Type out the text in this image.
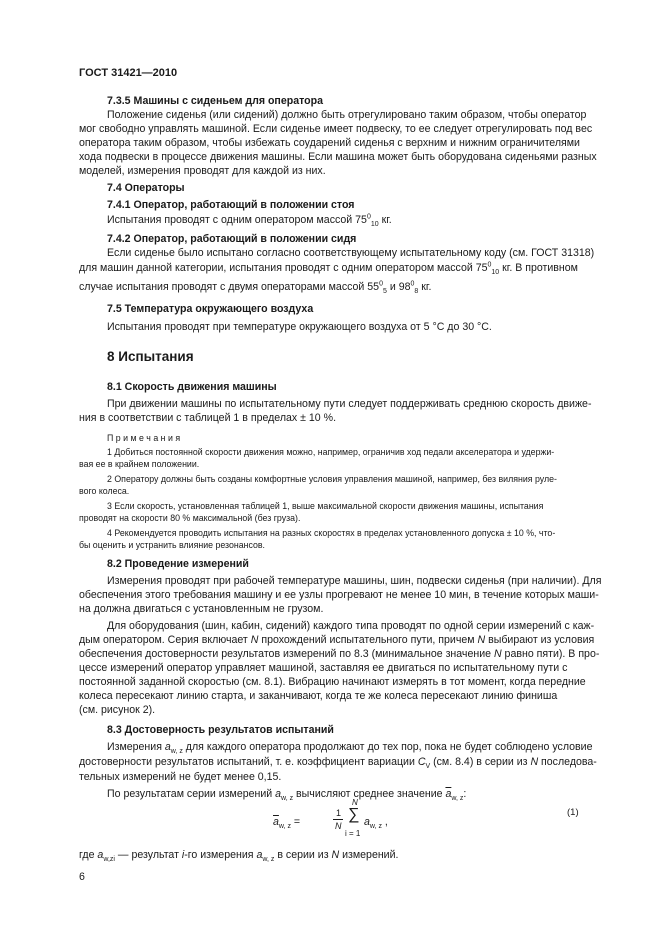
ГОСТ 31421—2010
7.3.5 Машины с сиденьем для оператора
Положение сиденья (или сидений) должно быть отрегулировано таким образом, чтобы оператор
мог свободно управлять машиной. Если сиденье имеет подвеску, то ее следует отрегулировать под вес
оператора таким образом, чтобы избежать соударений сиденья с верхним и нижним ограничителями
хода подвески в процессе движения машины. Если машина может быть оборудована сиденьями разных
моделей, измерения проводят для каждой из них.
7.4 Операторы
7.4.1 Оператор, работающий в положении стоя
Испытания проводят с одним оператором массой $75^0_{10}$ кг.
7.4.2 Оператор, работающий в положении сидя
Если сиденье было испытано согласно соответствующему испытательному коду (см. ГОСТ 31318)
для машин данной категории, испытания проводят с одним оператором массой $75^0_{10}$ кг. В противном
случае испытания проводят с двумя операторами массой $55^0_5$ и $98^0_8$ кг.
7.5 Температура окружающего воздуха
Испытания проводят при температуре окружающего воздуха от 5 °С до 30 °С.
8 Испытания
8.1 Скорость движения машины
При движении машины по испытательному пути следует поддерживать среднюю скорость движе-
ния в соответствии с таблицей 1 в пределах ± 10 %.
П р и м е ч а н и я
1 Добиться постоянной скорости движения можно, например, ограничив ход педали акселератора и удержи-
вая ее в крайнем положении.
2 Оператору должны быть созданы комфортные условия управления машиной, например, без виляния руле-
вого колеса.
3 Если скорость, установленная таблицей 1, выше максимальной скорости движения машины, испытания
проводят на скорости 80 % максимальной (без груза).
4 Рекомендуется проводить испытания на разных скоростях в пределах установленного допуска ± 10 %, что-
бы оценить и устранить влияние резонансов.
8.2 Проведение измерений
Измерения проводят при рабочей температуре машины, шин, подвески сиденья (при наличии). Для
обеспечения этого требования машину и ее узлы прогревают не менее 10 мин, в течение которых маши-
на должна двигаться с установленным не грузом.
Для оборудования (шин, кабин, сидений) каждого типа проводят по одной серии измерений с каж-
дым оператором. Серия включает N прохождений испытательного пути, причем N выбирают из условия
обеспечения достоверности результатов измерений по 8.3 (минимальное значение N равно пяти). В про-
цессе измерений оператор управляет машиной, заставляя ее двигаться по испытательному пути с
постоянной заданной скоростью (см. 8.1). Вибрацию начинают измерять в тот момент, когда передние
колеса пересекают линию старта, и заканчивают, когда те же колеса пересекают линию финиша
(см. рисунок 2).
8.3 Достоверность результатов испытаний
Измерения $a_{w, z}$ для каждого оператора продолжают до тех пор, пока не будет соблюдено условие
достоверности результатов испытаний, т. е. коэффициент вариации $C_V$ (см. 8.4) в серии из N последова-
тельных измерений не будет менее 0,15.
По результатам серии измерений $a_{w, z}$ вычисляют среднее значение $\overline{a}_{w, z}$:
$\overline{a}_{w, z}$ =
1
N
N
∑
i = 1
$a_{w, z}$ ,
(1)
где $a_{w,zi}$ — результат i-го измерения $a_{w, z}$ в серии из N измерений.
6
